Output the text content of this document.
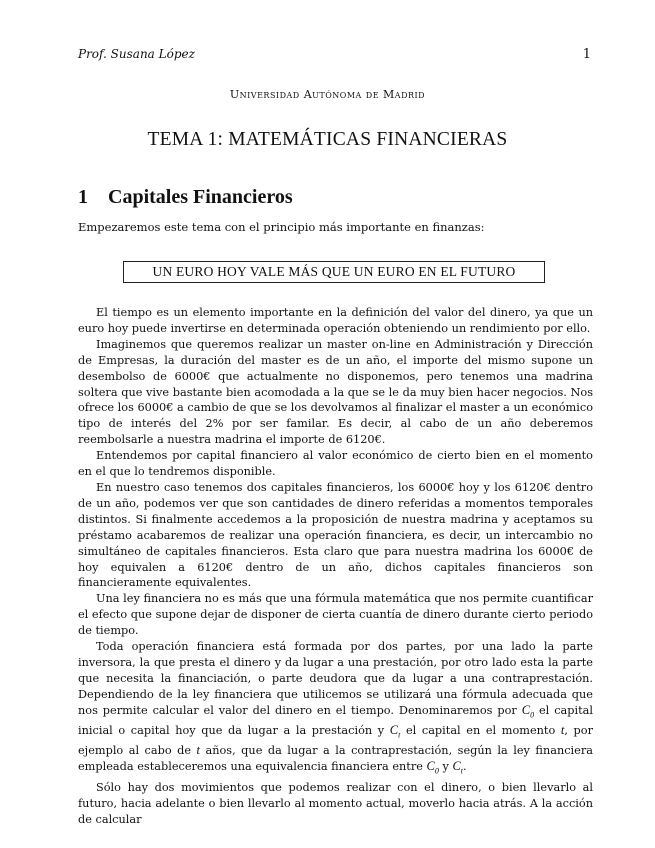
Prof. Susana López	1
Universidad Autónoma de Madrid
TEMA 1: MATEMÁTICAS FINANCIERAS
1 Capitales Financieros
Empezaremos este tema con el principio más importante en finanzas:
UN EURO HOY VALE MÁS QUE UN EURO EN EL FUTURO

El tiempo es un elemento importante en la definición del valor del dinero, ya que un euro hoy puede invertirse en determinada operación obteniendo un rendimiento por ello.

Imaginemos que queremos realizar un master on-line en Administración y Dirección de Empresas, la duración del master es de un año, el importe del mismo supone un desembolso de 6000€ que actualmente no disponemos, pero tenemos una madrina soltera que vive bastante bien acomodada a la que se le da muy bien hacer negocios. Nos ofrece los 6000€ a cambio de que se los devolvamos al finalizar el master a un económico tipo de interés del 2% por ser familar. Es decir, al cabo de un año deberemos reembolsarle a nuestra madrina el importe de 6120€.

Entendemos por capital financiero al valor económico de cierto bien en el momento en el que lo tendremos disponible.

En nuestro caso tenemos dos capitales financieros, los 6000€ hoy y los 6120€ dentro de un año, podemos ver que son cantidades de dinero referidas a momentos temporales distintos. Si finalmente accedemos a la proposición de nuestra madrina y aceptamos su préstamo acabaremos de realizar una operación financiera, es decir, un intercambio no simultáneo de capitales financieros. Esta claro que para nuestra madrina los 6000€ de hoy equivalen a 6120€ dentro de un año, dichos capitales financieros son financieramente equivalentes.

Una ley financiera no es más que una fórmula matemática que nos permite cuantificar el efecto que supone dejar de disponer de cierta cuantía de dinero durante cierto periodo de tiempo.

Toda operación financiera está formada por dos partes, por una lado la parte inversora, la que presta el dinero y da lugar a una prestación, por otro lado esta la parte que necesita la financiación, o parte deudora que da lugar a una contraprestación. Dependiendo de la ley financiera que utilicemos se utilizará una fórmula adecuada que nos permite calcular el valor del dinero en el tiempo. Denominaremos por $C_0$ el capital inicial o capital hoy que da lugar a la prestación y $C_t$ el capital en el momento t, por ejemplo al cabo de t años, que da lugar a la contraprestación, según la ley financiera empleada estableceremos una equivalencia financiera entre $C_0$ y $C_t$.

Sólo hay dos movimientos que podemos realizar con el dinero, o bien llevarlo al futuro, hacia adelante o bien llevarlo al momento actual, moverlo hacia atrás. A la acción de calcular
